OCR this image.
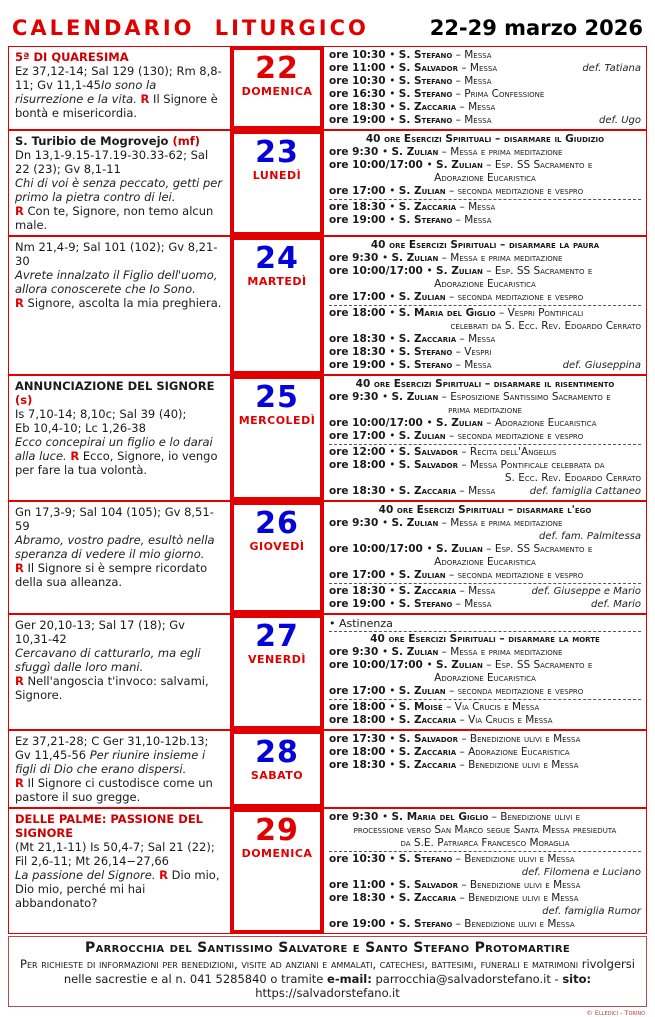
CALENDARIO LITURGICO	22-29 marzo 2026
5ª DI QUARESIMA
Ez 37,12-14; Sal 129 (130); Rm 8,8-11; Gv 11,1-45Io sono la risurrezione e la vita. R Il Signore è bontà e misericordia.
22
DOMENICA
ore 10:30 • S. Stefano – Messa
def. Tatiana
ore 11:00 • S. Salvador – Messa
ore 10:30 • S. Stefano – Messa
ore 16:30 • S. Stefano – Prima Confessione
ore 18:30 • S. Zaccaria – Messa
def. Ugo
ore 19:00 • S. Stefano – Messa
S. Turibio de Mogrovejo (mf)
Dn 13,1-9.15-17.19-30.33-62; Sal 22 (23); Gv 8,1-11
Chi di voi è senza peccato, getti per primo la pietra contro di lei.
R Con te, Signore, non temo alcun male.
23
LUNEDÌ
40 ore Esercizi Spirituali – disarmare il Giudizio
ore 9:30 • S. Zulian – Messa e prima meditazione
ore 10:00/17:00 • S. Zulian – Esp. SS Sacramento e
Adorazione Eucaristica
ore 17:00 • S. Zulian – seconda meditazione e vespro
ore 18:30 • S. Zaccaria – Messa
ore 19:00 • S. Stefano – Messa
Nm 21,4-9; Sal 101 (102); Gv 8,21-30
Avrete innalzato il Figlio dell'uomo, allora conoscerete che Io Sono.
R Signore, ascolta la mia preghiera.
24
MARTEDÌ
40 ore Esercizi Spirituali – disarmare la paura
ore 9:30 • S. Zulian – Messa e prima meditazione
ore 10:00/17:00 • S. Zulian – Esp. SS Sacramento e
Adorazione Eucaristica
ore 17:00 • S. Zulian – seconda meditazione e vespro
ore 18:00 • S. Maria del Giglio – Vespri Pontificali
celebrati da S. Ecc. Rev. Edoardo Cerrato
ore 18:30 • S. Zaccaria – Messa
ore 18:30 • S. Stefano – Vespri
def. Giuseppina
ore 19:00 • S. Stefano – Messa
ANNUNCIAZIONE DEL SIGNORE (s)
Is 7,10-14; 8,10c; Sal 39 (40);
Eb 10,4-10; Lc 1,26-38
Ecco concepirai un figlio e lo darai alla luce. R Ecco, Signore, io vengo per fare la tua volontà.
25
MERCOLEDÌ
40 ore Esercizi Spirituali – disarmare il risentimento
ore 9:30 • S. Zulian – Esposizione Santissimo Sacramento e
prima meditazione
ore 10:00/17:00 • S. Zulian – Adorazione Eucaristica
ore 17:00 • S. Zulian – seconda meditazione e vespro
ore 12:00 • S. Salvador – Recita dell'Angelus
ore 18:00 • S. Salvador – Messa Pontificale celebrata da
S. Ecc. Rev. Edoardo Cerrato
def. famiglia Cattaneo
ore 18:30 • S. Zaccaria – Messa
Gn 17,3-9; Sal 104 (105); Gv 8,51-59
Abramo, vostro padre, esultò nella speranza di vedere il mio giorno.
R Il Signore si è sempre ricordato della sua alleanza.
26
GIOVEDÌ
40 ore Esercizi Spirituali – disarmare l'ego
ore 9:30 • S. Zulian – Messa e prima meditazione
def. fam. Palmitessa
ore 10:00/17:00 • S. Zulian – Esp. SS Sacramento e
Adorazione Eucaristica
ore 17:00 • S. Zulian – seconda meditazione e vespro
def. Giuseppe e Mario
ore 18:30 • S. Zaccaria – Messa
def. Mario
ore 19:00 • S. Stefano – Messa
Ger 20,10-13; Sal 17 (18); Gv 10,31-42
Cercavano di catturarlo, ma egli sfuggì dalle loro mani.
R Nell'angoscia t'invoco: salvami, Signore.
27
VENERDÌ
• Astinenza
40 ore Esercizi Spirituali – disarmare la morte
ore 9:30 • S. Zulian – Messa e prima meditazione
ore 10:00/17:00 • S. Zulian – Esp. SS Sacramento e
Adorazione Eucaristica
ore 17:00 • S. Zulian – seconda meditazione e vespro
ore 18:00 • S. Moisè – Via Crucis e Messa
ore 18:00 • S. Zaccaria – Via Crucis e Messa
Ez 37,21-28; C Ger 31,10-12b.13;
Gv 11,45-56 Per riunire insieme i figli di Dio che erano dispersi.
R Il Signore ci custodisce come un pastore il suo gregge.
28
SABATO
ore 17:30 • S. Salvador – Benedizione ulivi e Messa
ore 18:00 • S. Zaccaria – Adorazione Eucaristica
ore 18:30 • S. Zaccaria – Benedizione ulivi e Messa
DELLE PALME: PASSIONE DEL SIGNORE
(Mt 21,1-11) Is 50,4-7; Sal 21 (22);
Fil 2,6-11; Mt 26,14−27,66
La passione del Signore. R Dio mio, Dio mio, perché mi hai abbandonato?
29
DOMENICA
ore 9:30 • S. Maria del Giglio – Benedizione ulivi e
processione verso San Marco segue Santa Messa presieduta
da S.E. Patriarca Francesco Moraglia
ore 10:30 • S. Stefano – Benedizione ulivi e Messa
def. Filomena e Luciano
ore 11:00 • S. Salvador – Benedizione ulivi e Messa
ore 18:30 • S. Zaccaria – Benedizione ulivi e Messa
def. famiglia Rumor
ore 19:00 • S. Stefano – Benedizione ulivi e Messa
Parrocchia del Santissimo Salvatore e Santo Stefano Protomartire
Per richieste di informazioni per benedizioni, visite ad anziani e ammalati, catechesi, battesimi, funerali e matrimoni rivolgersi nelle sacrestie e al n. 041 5285840 o tramite e-mail: parrocchia@salvadorstefano.it - sito: https://salvadorstefano.it
© Elledici - Torino
